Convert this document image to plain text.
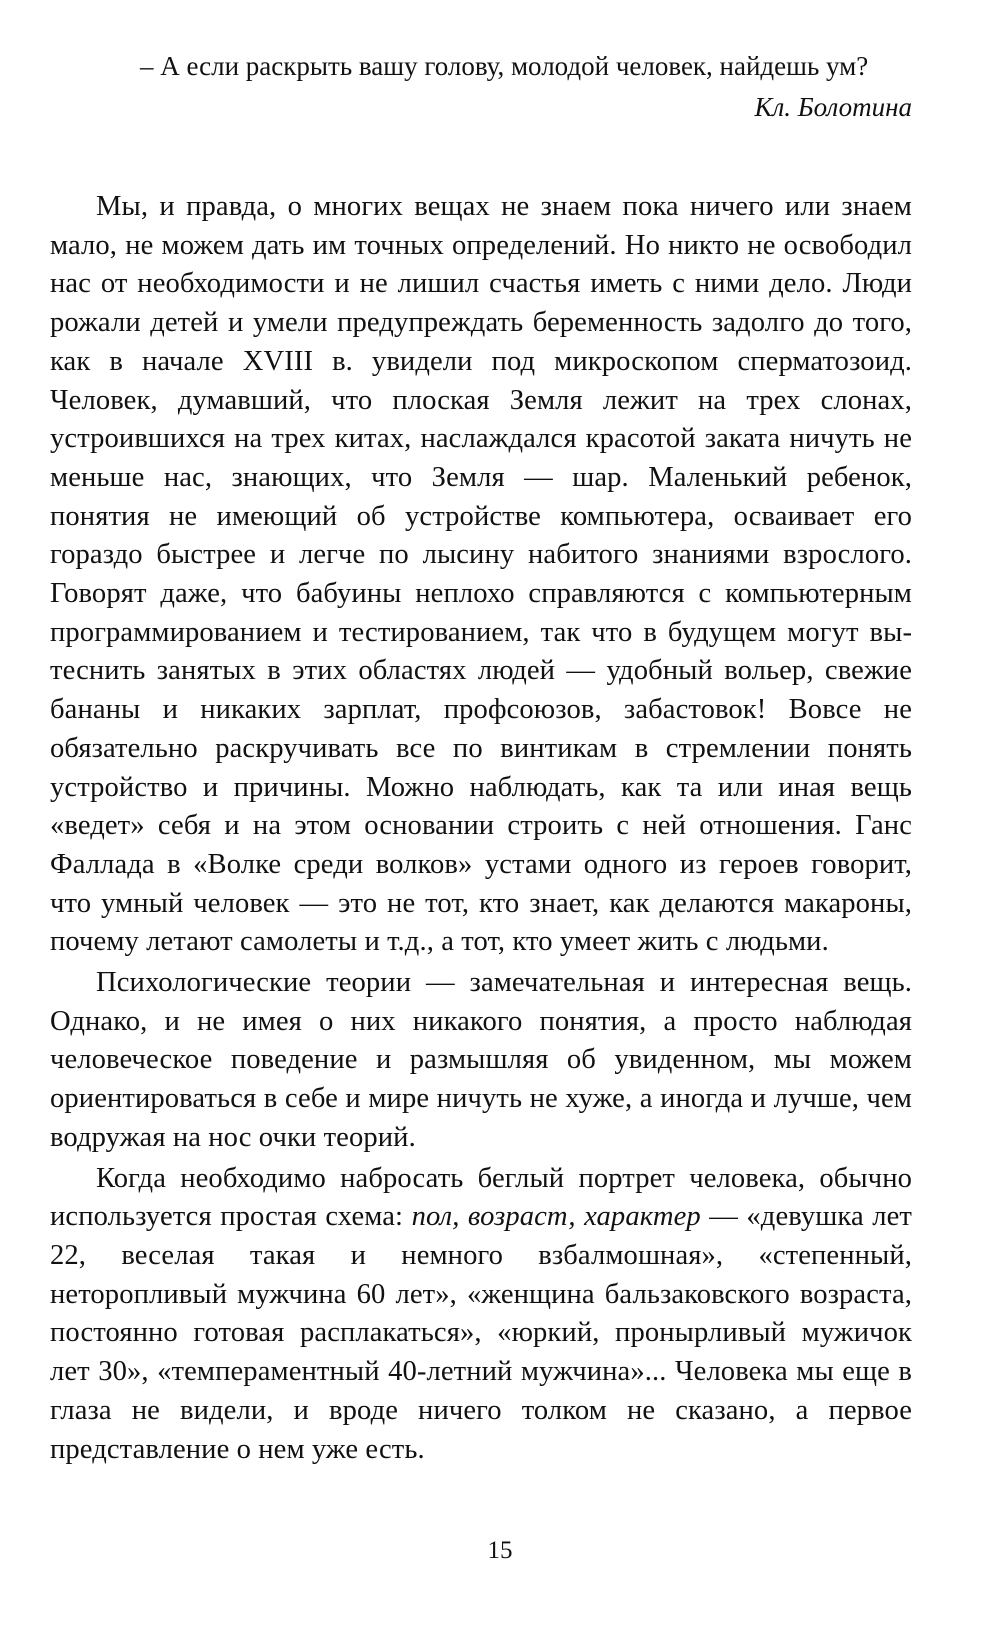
– А если раскрыть вашу голову, молодой человек, найдешь ум?

Кл. Болотина

Мы, и правда, о многих вещах не знаем пока ничего или знаем мало, не можем дать им точных определений. Но никто не освободил нас от необходимости и не лишил счастья иметь с ними дело. Люди рожали детей и умели предупреждать беременность задолго до того, как в начале XVIII в. увидели под микроскопом сперматозоид. Человек, думавший, что плоская Земля лежит на трех слонах, устроившихся на трех китах, наслаждался красотой заката ничуть не меньше нас, знающих, что Земля — шар. Маленький ребенок, понятия не имеющий об устройстве компьютера, осваивает его гораздо быстрее и легче по лысину набитого знаниями взрослого. Говорят даже, что бабуины неплохо справляются с компьютерным программированием и тестированием, так что в будущем могут вытеснить занятых в этих областях людей — удобный вольер, свежие бананы и никаких зарплат, профсоюзов, забастовок! Вовсе не обязательно раскручивать все по винтикам в стремлении понять устройство и причины. Можно наблюдать, как та или иная вещь «ведет» себя и на этом основании строить с ней отношения. Ганс Фаллада в «Волке среди волков» устами одного из героев говорит, что умный человек — это не тот, кто знает, как делаются макароны, почему летают самолеты и т.д., а тот, кто умеет жить с людьми.

Психологические теории — замечательная и интересная вещь. Однако, и не имея о них никакого понятия, а просто наблюдая человеческое поведение и размышляя об увиденном, мы можем ориентироваться в себе и мире ничуть не хуже, а иногда и лучше, чем водружая на нос очки теорий.

Когда необходимо набросать беглый портрет человека, обычно используется простая схема: пол, возраст, характер — «девушка лет 22, веселая такая и немного взбалмошная», «степенный, неторопливый мужчина 60 лет», «женщина бальзаковского возраста, постоянно готовая расплакаться», «юркий, пронырливый мужичок лет 30», «темпераментный 40-летний мужчина»... Человека мы еще в глаза не видели, и вроде ничего толком не сказано, а первое представление о нем уже есть.

15
